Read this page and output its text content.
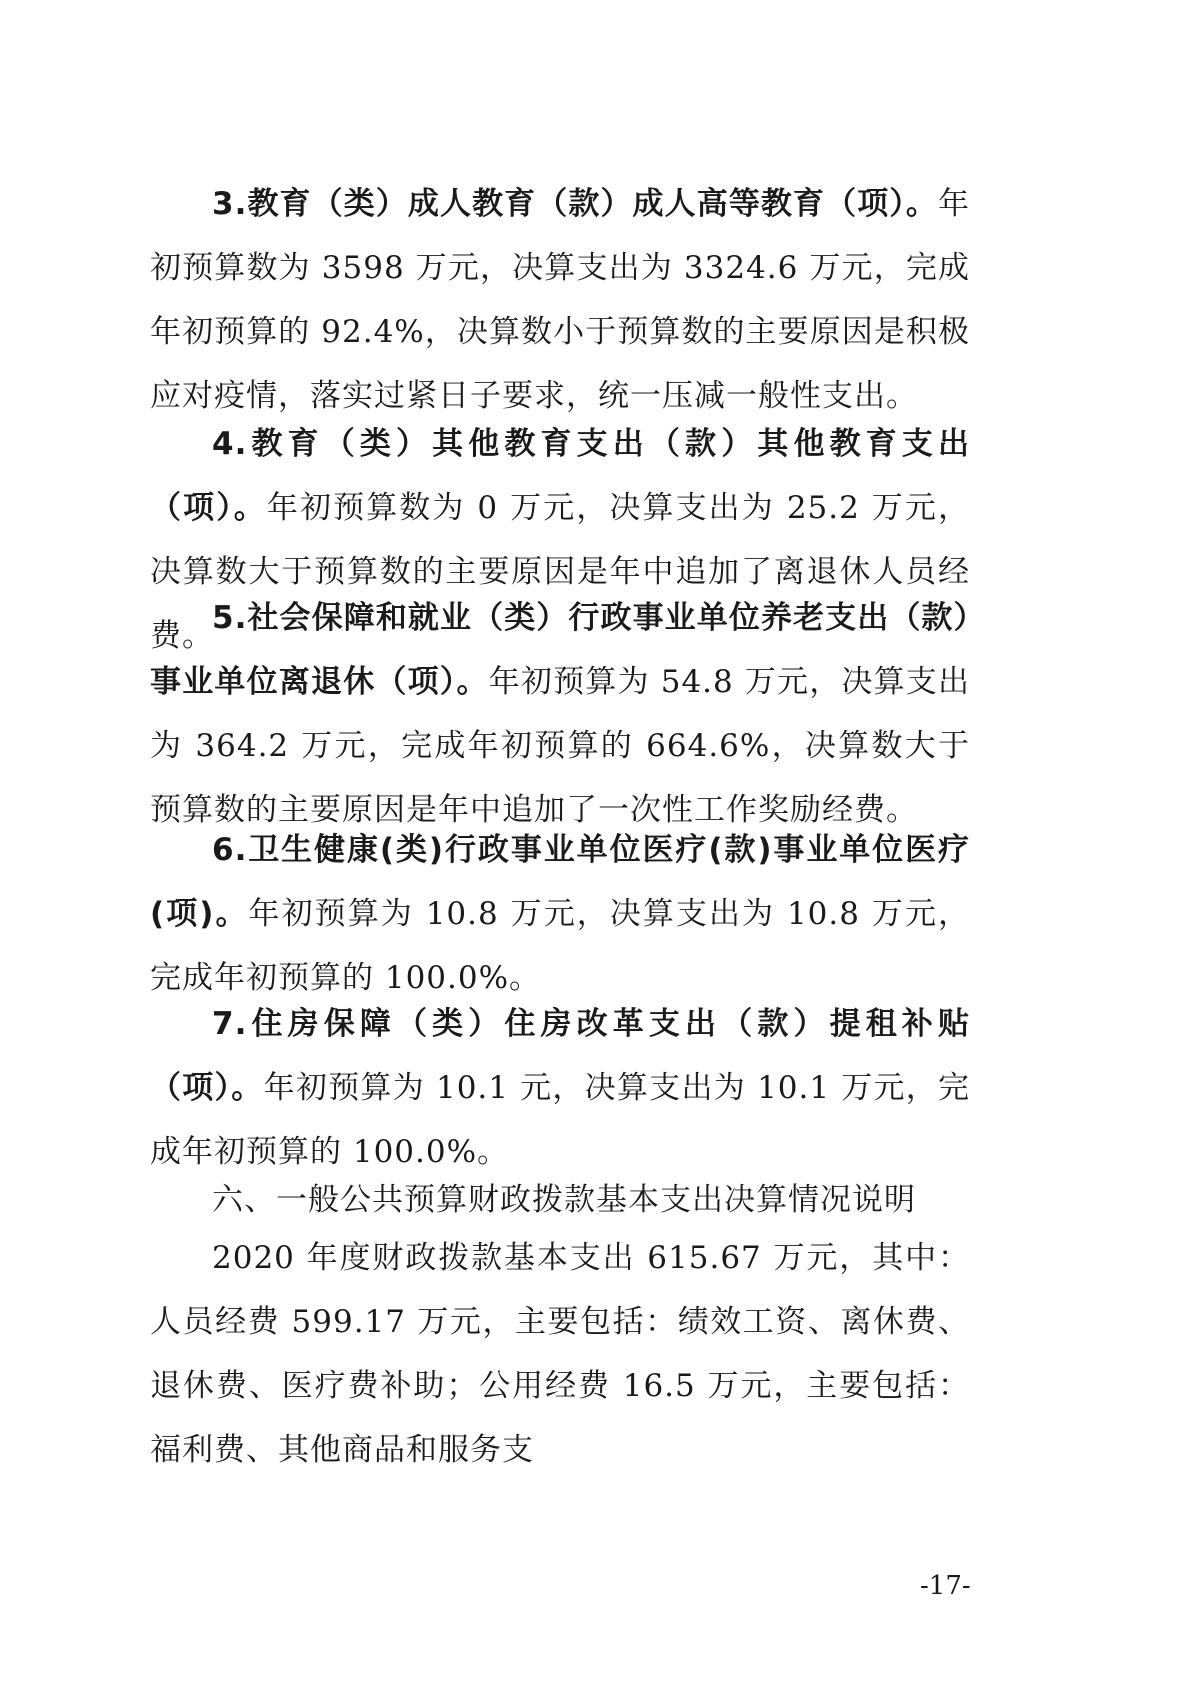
3.教育（类）成人教育（款）成人高等教育（项）。年初预算数为 3598 万元，决算支出为 3324.6 万元，完成年初预算的 92.4%，决算数小于预算数的主要原因是积极应对疫情，落实过紧日子要求，统一压减一般性支出。

4.教育（类）其他教育支出（款）其他教育支出（项）。年初预算数为 0 万元，决算支出为 25.2 万元，决算数大于预算数的主要原因是年中追加了离退休人员经费。

5.社会保障和就业（类）行政事业单位养老支出（款）事业单位离退休（项）。年初预算为 54.8 万元，决算支出为 364.2 万元，完成年初预算的 664.6%，决算数大于预算数的主要原因是年中追加了一次性工作奖励经费。

6.卫生健康(类)行政事业单位医疗(款)事业单位医疗(项)。年初预算为 10.8 万元，决算支出为 10.8 万元，完成年初预算的 100.0%。

7.住房保障（类）住房改革支出（款）提租补贴（项）。年初预算为 10.1 元，决算支出为 10.1 万元，完成年初预算的 100.0%。

六、一般公共预算财政拨款基本支出决算情况说明

2020 年度财政拨款基本支出 615.67 万元，其中：人员经费 599.17 万元，主要包括：绩效工资、离休费、退休费、医疗费补助；公用经费 16.5 万元，主要包括：福利费、其他商品和服务支

-17-
